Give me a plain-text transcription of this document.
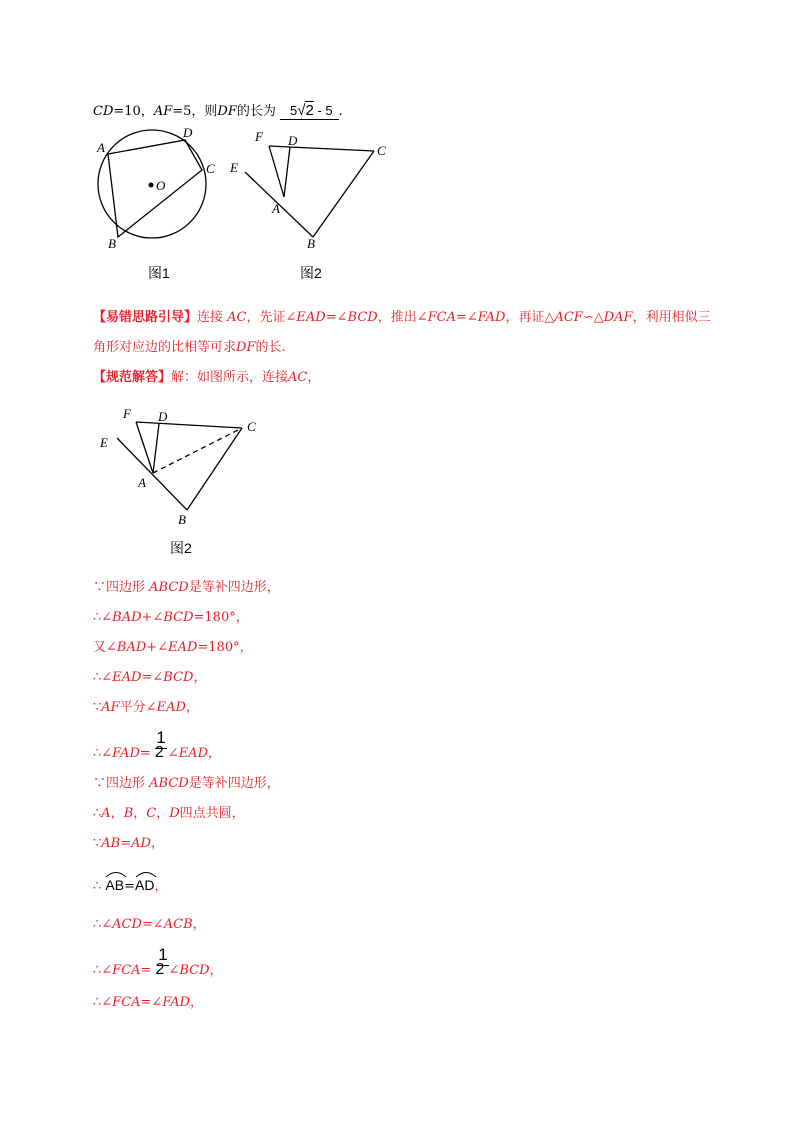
CD=10，AF=5，则DF的长为 5√2 - 5 .
A
D
C
B
O
图1
F D
C
E
A
B
图2
【易错思路引导】连接 AC，先证∠EAD=∠BCD，推出∠FCA=∠FAD，再证△ACF∽△DAF，利用相似三
角形对应边的比相等可求DF的长.
【规范解答】解：如图所示，连接AC，
F D
C
E
A
B
图2
∵四边形 ABCD是等补四边形，
∴∠BAD+∠BCD=180°，
又∠BAD+∠EAD=180°，
∴∠EAD=∠BCD，
∵AF平分∠EAD，
1
∴∠FAD= 2 ∠EAD，
∵四边形 ABCD是等补四边形，
∴A，B，C，D四点共圆，
∵AB=AD，
∴ AB=
AD，
∴∠ACD=∠ACB，
1
∴∠FCA= 2 ∠BCD，
∴∠FCA=∠FAD，
